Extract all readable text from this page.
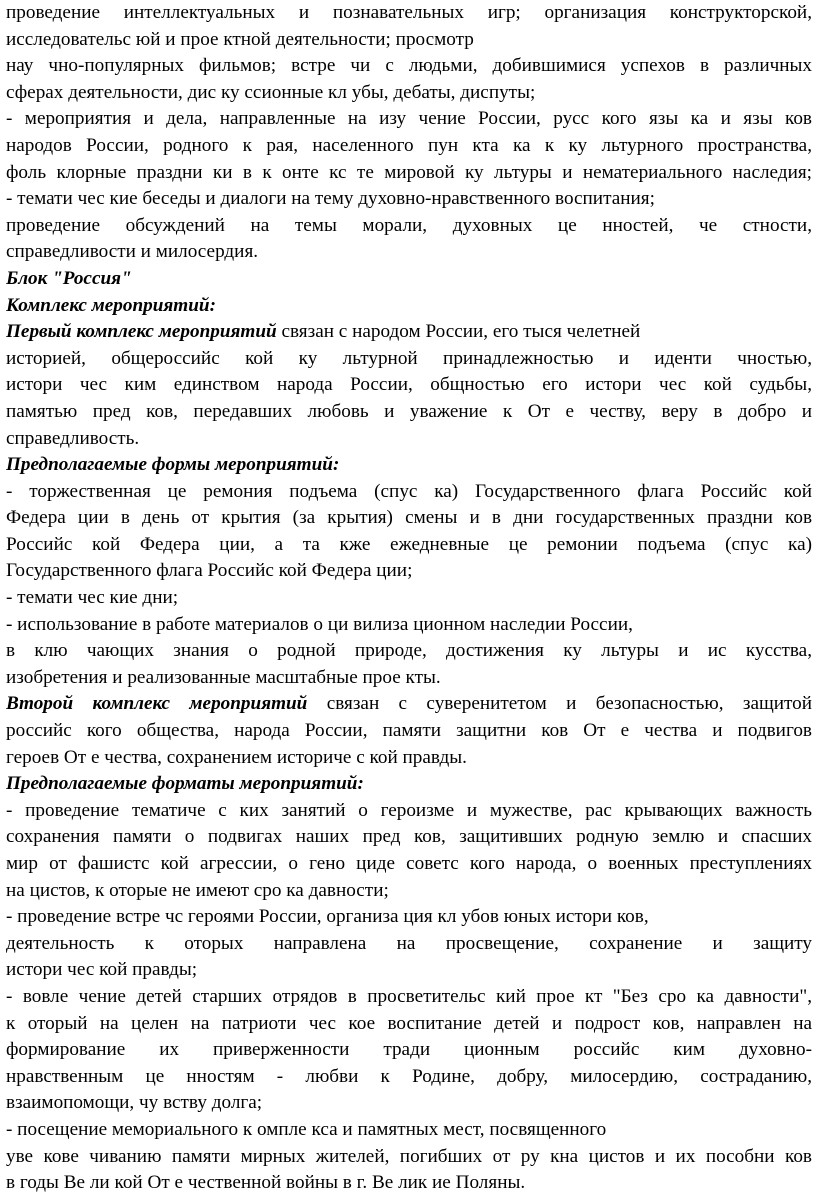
проведение интеллектуальных и познавательных игр; организация конструкторской,
исследовательс юй и прое ктной деятельности; просмотр
нау чно-популярных фильмов; встре чи с людьми, добившимися успехов в различных
сферах деятельности, дис ку ссионные кл убы, дебаты, диспуты;
- мероприятия и дела, направленные на изу чение России, русс кого язы ка и язы ков
народов России, родного к рая, населенного пун кта ка к ку льтурного пространства,
фоль клорные праздни ки в к онте кс те мировой ку льтуры и нематериального наследия;
- темати чес кие беседы и диалоги на тему духовно-нравственного воспитания;
проведение обсуждений на темы морали, духовных це нностей, че стности,
справедливости и милосердия.
Блок "Россия"
Комплекс мероприятий:
Первый комплекс мероприятий связан с народом России, его тыся челетней
историей, общероссийс кой ку льтурной принадлежностью и иденти чностью,
истори чес ким единством народа России, общностью его истори чес кой судьбы,
памятью пред ков, передавших любовь и уважение к От е честву, веру в добро и
справедливость.
Предполагаемые формы мероприятий:
- торжественная це ремония подъема (спус ка) Государственного флага Российс кой
Федера ции в день от крытия (за крытия) смены и в дни государственных праздни ков
Российс кой Федера ции, а та кже ежедневные це ремонии подъема (спус ка)
Государственного флага Российс кой Федера ции;
- темати чес кие дни;
- использование в работе материалов о ци вилиза ционном наследии России,
в клю чающих знания о родной природе, достижения ку льтуры и ис кусства,
изобретения и реализованные масштабные прое кты.
Второй комплекс мероприятий связан с суверенитетом и безопасностью, защитой
российс кого общества, народа России, памяти защитни ков От е чества и подвигов
героев От е чества, сохранением историче с кой правды.
Предполагаемые форматы мероприятий:
- проведение тематиче с ких занятий о героизме и мужестве, рас крывающих важность
сохранения памяти о подвигах наших пред ков, защитивших родную землю и спасших
мир от фашистс кой агрессии, о гено циде советс кого народа, о военных преступлениях
на цистов, к оторые не имеют сро ка давности;
- проведение встре чс героями России, организа ция кл убов юных истори ков,
деятельность к оторых направлена на просвещение, сохранение и защиту
истори чес кой правды;
- вовле чение детей старших отрядов в просветительс кий прое кт "Без сро ка давности",
к оторый на целен на патриоти чес кое воспитание детей и подрост ков, направлен на
формирование их приверженности тради ционным российс ким духовно-
нравственным це нностям - любви к Родине, добру, милосердию, состраданию,
взаимопомощи, чу вству долга;
- посещение мемориального к омпле кса и памятных мест, посвященного
уве кове чиванию памяти мирных жителей, погибших от ру кна цистов и их пособни ков
в годы Ве ли кой От е чественной войны в г. Ве лик ие Поляны.
